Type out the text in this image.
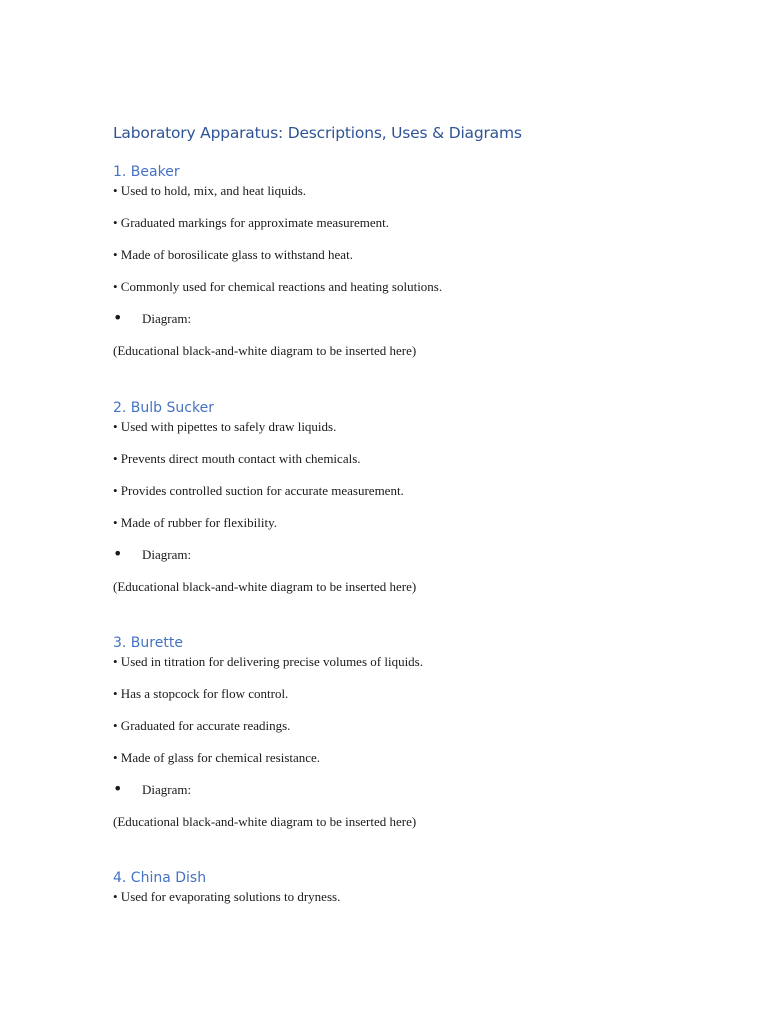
Laboratory Apparatus: Descriptions, Uses & Diagrams
1. Beaker

• Used to hold, mix, and heat liquids.

• Graduated markings for approximate measurement.

• Made of borosilicate glass to withstand heat.

• Commonly used for chemical reactions and heating solutions.

• Diagram:

(Educational black-and-white diagram to be inserted here)

2. Bulb Sucker

• Used with pipettes to safely draw liquids.

• Prevents direct mouth contact with chemicals.

• Provides controlled suction for accurate measurement.

• Made of rubber for flexibility.

• Diagram:

(Educational black-and-white diagram to be inserted here)

3. Burette

• Used in titration for delivering precise volumes of liquids.

• Has a stopcock for flow control.

• Graduated for accurate readings.

• Made of glass for chemical resistance.

• Diagram:

(Educational black-and-white diagram to be inserted here)

4. China Dish

• Used for evaporating solutions to dryness.
